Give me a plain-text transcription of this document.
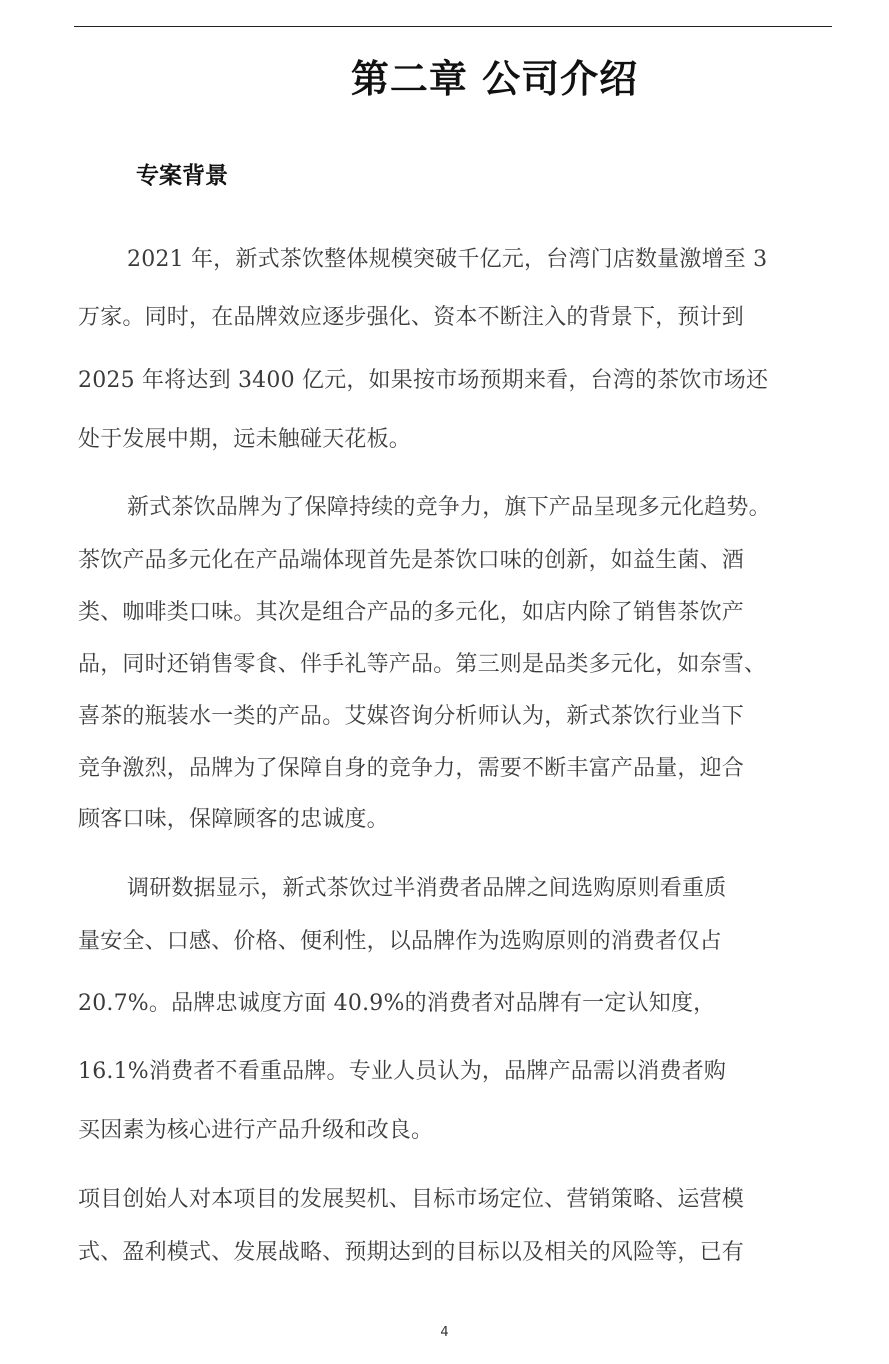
第二章 公司介绍
专案背景
2021 年，新式茶饮整体规模突破千亿元，台湾门店数量激增至 3
万家。同时，在品牌效应逐步强化、资本不断注入的背景下，预计到
2025 年将达到 3400 亿元，如果按市场预期来看，台湾的茶饮市场还
处于发展中期，远未触碰天花板。
新式茶饮品牌为了保障持续的竞争力，旗下产品呈现多元化趋势。
茶饮产品多元化在产品端体现首先是茶饮口味的创新，如益生菌、酒
类、咖啡类口味。其次是组合产品的多元化，如店内除了销售茶饮产
品，同时还销售零食、伴手礼等产品。第三则是品类多元化，如奈雪、
喜茶的瓶装水一类的产品。艾媒咨询分析师认为，新式茶饮行业当下
竞争激烈，品牌为了保障自身的竞争力，需要不断丰富产品量，迎合
顾客口味，保障顾客的忠诚度。
调研数据显示，新式茶饮过半消费者品牌之间选购原则看重质
量安全、口感、价格、便利性，以品牌作为选购原则的消费者仅占
20.7%。品牌忠诚度方面 40.9%的消费者对品牌有一定认知度，
16.1%消费者不看重品牌。专业人员认为，品牌产品需以消费者购
买因素为核心进行产品升级和改良。
项目创始人对本项目的发展契机、目标市场定位、营销策略、运营模
式、盈利模式、发展战略、预期达到的目标以及相关的风险等，已有
4
